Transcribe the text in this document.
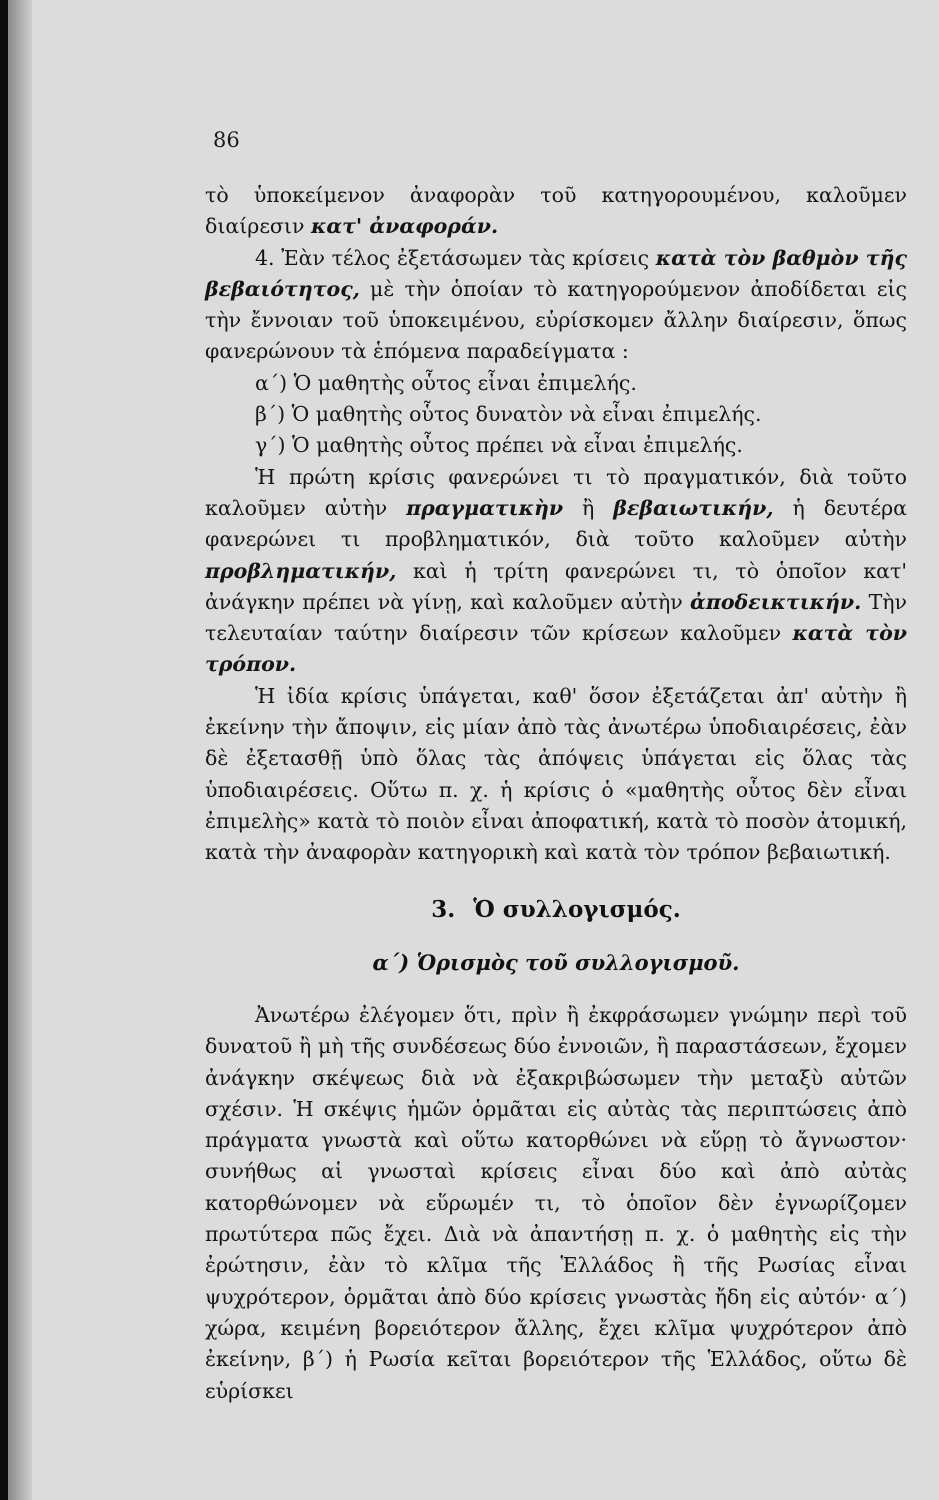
86

τὸ ὑποκείμενον ἀναφορὰν τοῦ κατηγορουμένου, καλοῦμεν διαίρεσιν κατ' ἀναφοράν.

4. Ἐὰν τέλος ἐξετάσωμεν τὰς κρίσεις κατὰ τὸν βαθμὸν τῆς βεβαιότητος, μὲ τὴν ὁποίαν τὸ κατηγορούμενον ἀποδίδεται εἰς τὴν ἔννοιαν τοῦ ὑποκειμένου, εὑρίσκομεν ἄλλην διαίρεσιν, ὅπως φανερώνουν τὰ ἑπόμενα παραδείγματα :

α΄) Ὁ μαθητὴς οὗτος εἶναι ἐπιμελής.

β΄) Ὁ μαθητὴς οὗτος δυνατὸν νὰ εἶναι ἐπιμελής.

γ΄) Ὁ μαθητὴς οὗτος πρέπει νὰ εἶναι ἐπιμελής.

Ἡ πρώτη κρίσις φανερώνει τι τὸ πραγματικόν, διὰ τοῦτο καλοῦμεν αὐτὴν πραγματικὴν ἢ βεβαιωτικήν, ἡ δευτέρα φανερώνει τι προβληματικόν, διὰ τοῦτο καλοῦμεν αὐτὴν προβληματικήν, καὶ ἡ τρίτη φανερώνει τι, τὸ ὁποῖον κατ' ἀνάγκην πρέπει νὰ γίνῃ, καὶ καλοῦμεν αὐτὴν ἀποδεικτικήν. Τὴν τελευταίαν ταύτην διαίρεσιν τῶν κρίσεων καλοῦμεν κατὰ τὸν τρόπον.

Ἡ ἰδία κρίσις ὑπάγεται, καθ' ὅσον ἐξετάζεται ἀπ' αὐτὴν ἢ ἐκείνην τὴν ἄποψιν, εἰς μίαν ἀπὸ τὰς ἀνωτέρω ὑποδιαιρέσεις, ἐὰν δὲ ἐξετασθῇ ὑπὸ ὅλας τὰς ἀπόψεις ὑπάγεται εἰς ὅλας τὰς ὑποδιαιρέσεις. Οὕτω π. χ. ἡ κρίσις ὁ «μαθητὴς οὗτος δὲν εἶναι ἐπιμελὴς» κατὰ τὸ ποιὸν εἶναι ἀποφατική, κατὰ τὸ ποσὸν ἀτομική, κατὰ τὴν ἀναφορὰν κατηγορικὴ καὶ κατὰ τὸν τρόπον βεβαιωτική.

3. Ὁ συλλογισμός.
α΄) Ὁρισμὸς τοῦ συλλογισμοῦ.

Ἀνωτέρω ἐλέγομεν ὅτι, πρὶν ἢ ἐκφράσωμεν γνώμην περὶ τοῦ δυνατοῦ ἢ μὴ τῆς συνδέσεως δύο ἐννοιῶν, ἢ παραστάσεων, ἔχομεν ἀνάγκην σκέψεως διὰ νὰ ἐξακριβώσωμεν τὴν μεταξὺ αὐτῶν σχέσιν. Ἡ σκέψις ἡμῶν ὁρμᾶται εἰς αὐτὰς τὰς περιπτώσεις ἀπὸ πράγματα γνωστὰ καὶ οὕτω κατορθώνει νὰ εὕρῃ τὸ ἄγνωστον· συνήθως αἱ γνωσταὶ κρίσεις εἶναι δύο καὶ ἀπὸ αὐτὰς κατορθώνομεν νὰ εὕρωμέν τι, τὸ ὁποῖον δὲν ἐγνωρίζομεν πρωτύτερα πῶς ἔχει. Διὰ νὰ ἀπαντήσῃ π. χ. ὁ μαθητὴς εἰς τὴν ἐρώτησιν, ἐὰν τὸ κλῖμα τῆς Ἑλλάδος ἢ τῆς Ρωσίας εἶναι ψυχρότερον, ὁρμᾶται ἀπὸ δύο κρίσεις γνωστὰς ἤδη εἰς αὐτόν· α΄) χώρα, κειμένη βορειότερον ἄλλης, ἔχει κλῖμα ψυχρότερον ἀπὸ ἐκείνην, β΄) ἡ Ρωσία κεῖται βορειότερον τῆς Ἑλλάδος, οὕτω δὲ εὑρίσκει
